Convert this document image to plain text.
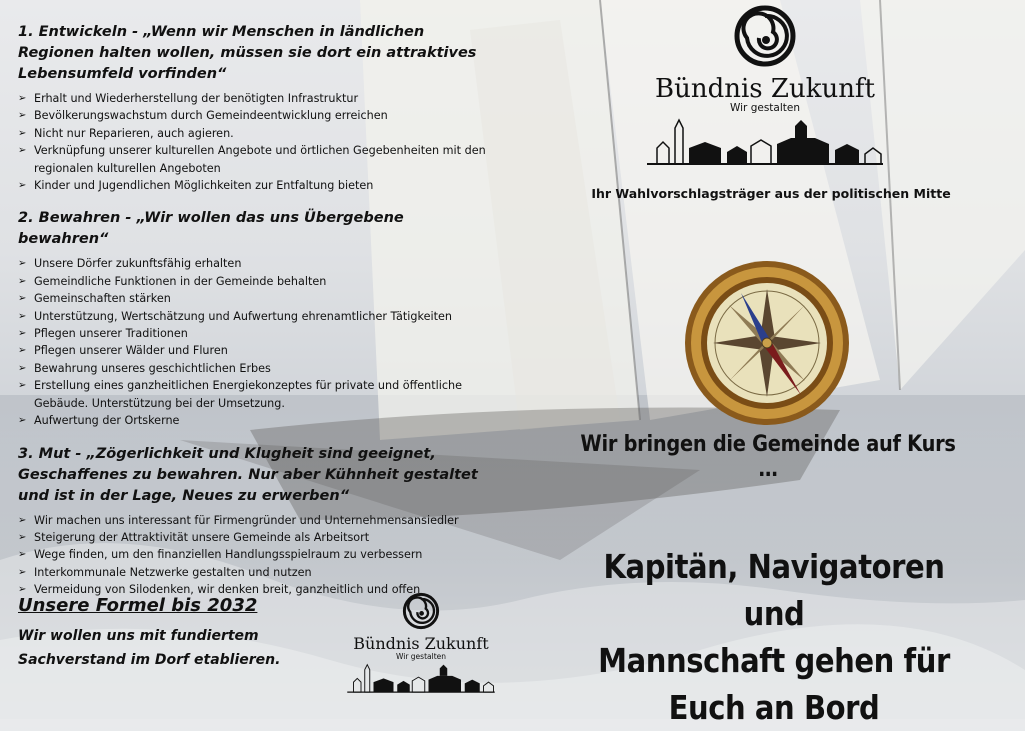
1. Entwickeln - „Wenn wir Menschen in ländlichen Regionen halten wollen, müssen sie dort ein attraktives Lebensumfeld vorfinden“
➢ Erhalt und Wiederherstellung der benötigten Infrastruktur
➢ Bevölkerungswachstum durch Gemeindeentwicklung erreichen
➢ Nicht nur Reparieren, auch agieren.
➢ Verknüpfung unserer kulturellen Angebote und örtlichen Gegebenheiten mit den regionalen kulturellen Angeboten
➢ Kinder und Jugendlichen Möglichkeiten zur Entfaltung bieten
2. Bewahren - „Wir wollen das uns Übergebene bewahren“
➢ Unsere Dörfer zukunftsfähig erhalten
➢ Gemeindliche Funktionen in der Gemeinde behalten
➢ Gemeinschaften stärken
➢ Unterstützung, Wertschätzung und Aufwertung ehrenamtlicher Tätigkeiten
➢ Pflegen unserer Traditionen
➢ Pflegen unserer Wälder und Fluren
➢ Bewahrung unseres geschichtlichen Erbes
➢ Erstellung eines ganzheitlichen Energiekonzeptes für private und öffentliche Gebäude. Unterstützung bei der Umsetzung.
➢ Aufwertung der Ortskerne
3. Mut - „Zögerlichkeit und Klugheit sind geeignet, Geschaffenes zu bewahren. Nur aber Kühnheit gestaltet und ist in der Lage, Neues zu erwerben“
➢ Wir machen uns interessant für Firmengründer und Unternehmensansiedler
➢ Steigerung der Attraktivität unsere Gemeinde als Arbeitsort
➢ Wege finden, um den finanziellen Handlungsspielraum zu verbessern
➢ Interkommunale Netzwerke gestalten und nutzen
➢ Vermeidung von Silodenken, wir denken breit, ganzheitlich und offen
Unsere Formel bis 2032

Wir wollen uns mit fundiertem

Sachverstand im Dorf etablieren.

Bündnis Zukunft
Wir gestalten
Ihr Wahlvorschlagsträger aus der politischen Mitte
Wir bringen die Gemeinde auf Kurs …
Kapitän, Navigatoren und
Mannschaft gehen für
Euch an Bord
Bündnis Zukunft
Wir gestalten
